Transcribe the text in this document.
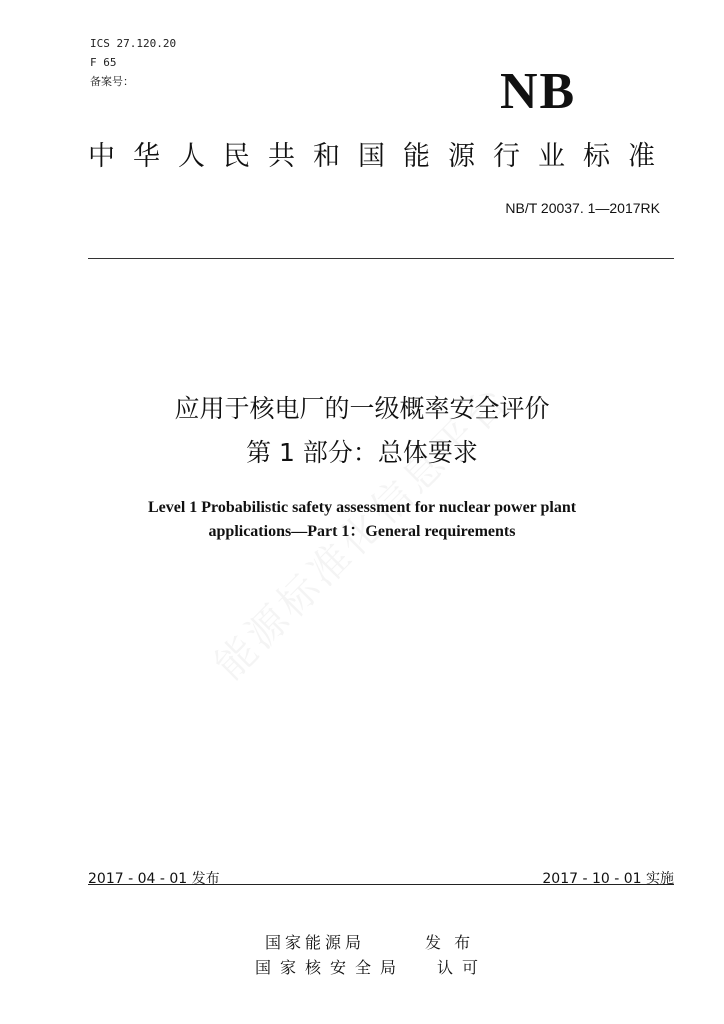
ICS 27.120.20
F 65
备案号：	NB
中华人民共和国能源行业标准
NB/T 20037. 1—2017RK
应用于核电厂的一级概率安全评价
第 1 部分：总体要求
Level 1 Probabilistic safety assessment for nuclear power plant
applications—Part 1：General requirements
2017 - 04 - 01 发布	2017 - 10 - 01 实施
国家能源局	发 布
国家核安全局 认可
